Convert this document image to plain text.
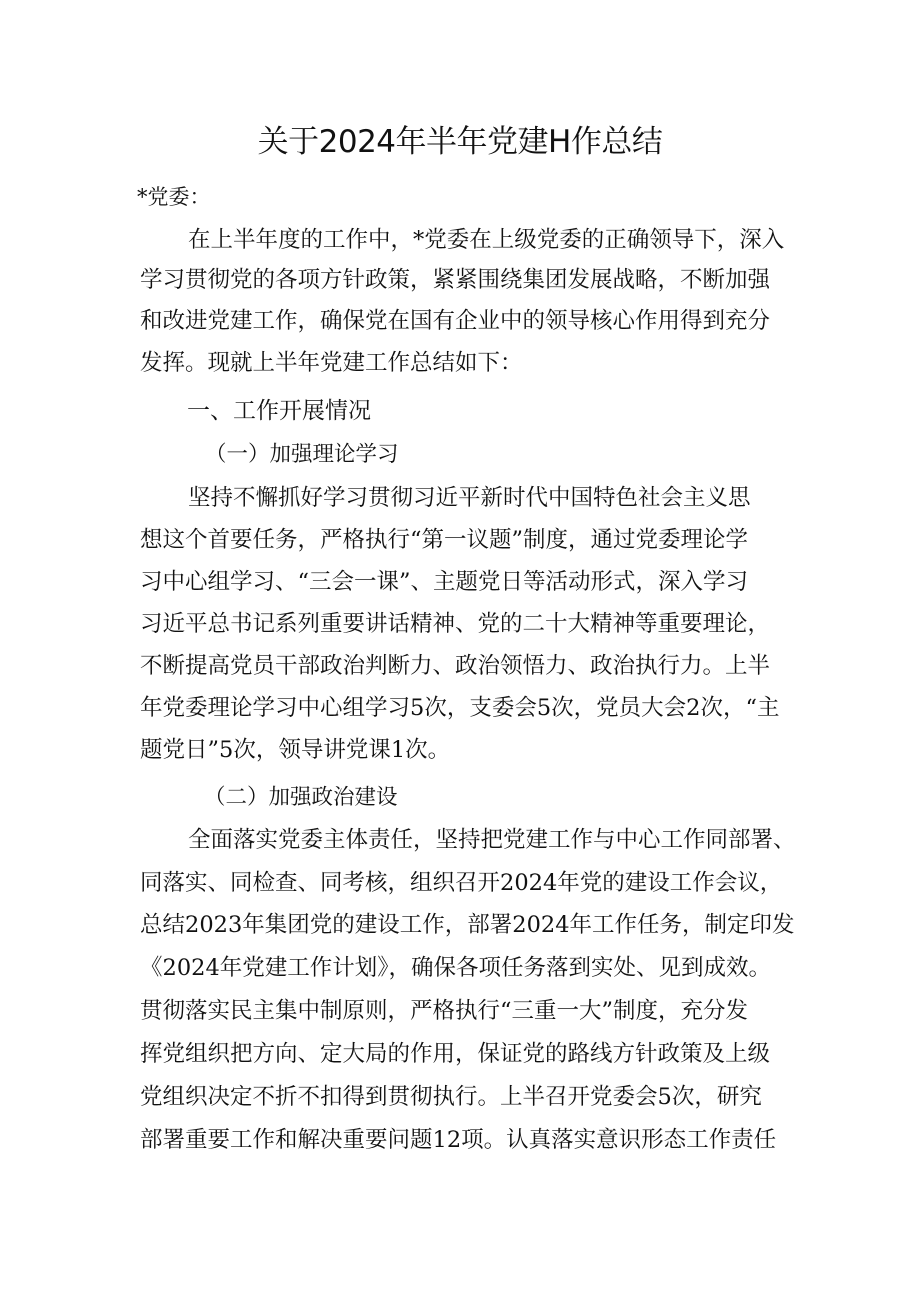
关于2024年半年党建H作总结
*党委：
在上半年度的工作中，*党委在上级党委的正确领导下，深入
学习贯彻党的各项方针政策，紧紧围绕集团发展战略，不断加强
和改进党建工作，确保党在国有企业中的领导核心作用得到充分
发挥。现就上半年党建工作总结如下：
一、工作开展情况
（一）加强理论学习
坚持不懈抓好学习贯彻习近平新时代中国特色社会主义思
想这个首要任务，严格执行“第一议题”制度，通过党委理论学
习中心组学习、“三会一课”、主题党日等活动形式，深入学习
习近平总书记系列重要讲话精神、党的二十大精神等重要理论，
不断提高党员干部政治判断力、政治领悟力、政治执行力。上半
年党委理论学习中心组学习5次，支委会5次，党员大会2次，“主
题党日”5次，领导讲党课1次。
（二）加强政治建设
全面落实党委主体责任，坚持把党建工作与中心工作同部署、
同落实、同检查、同考核，组织召开2024年党的建设工作会议，
总结2023年集团党的建设工作，部署2024年工作任务，制定印发
《2024年党建工作计划》，确保各项任务落到实处、见到成效。
贯彻落实民主集中制原则，严格执行“三重一大”制度，充分发
挥党组织把方向、定大局的作用，保证党的路线方针政策及上级
党组织决定不折不扣得到贯彻执行。上半召开党委会5次，研究
部署重要工作和解决重要问题12项。认真落实意识形态工作责任
